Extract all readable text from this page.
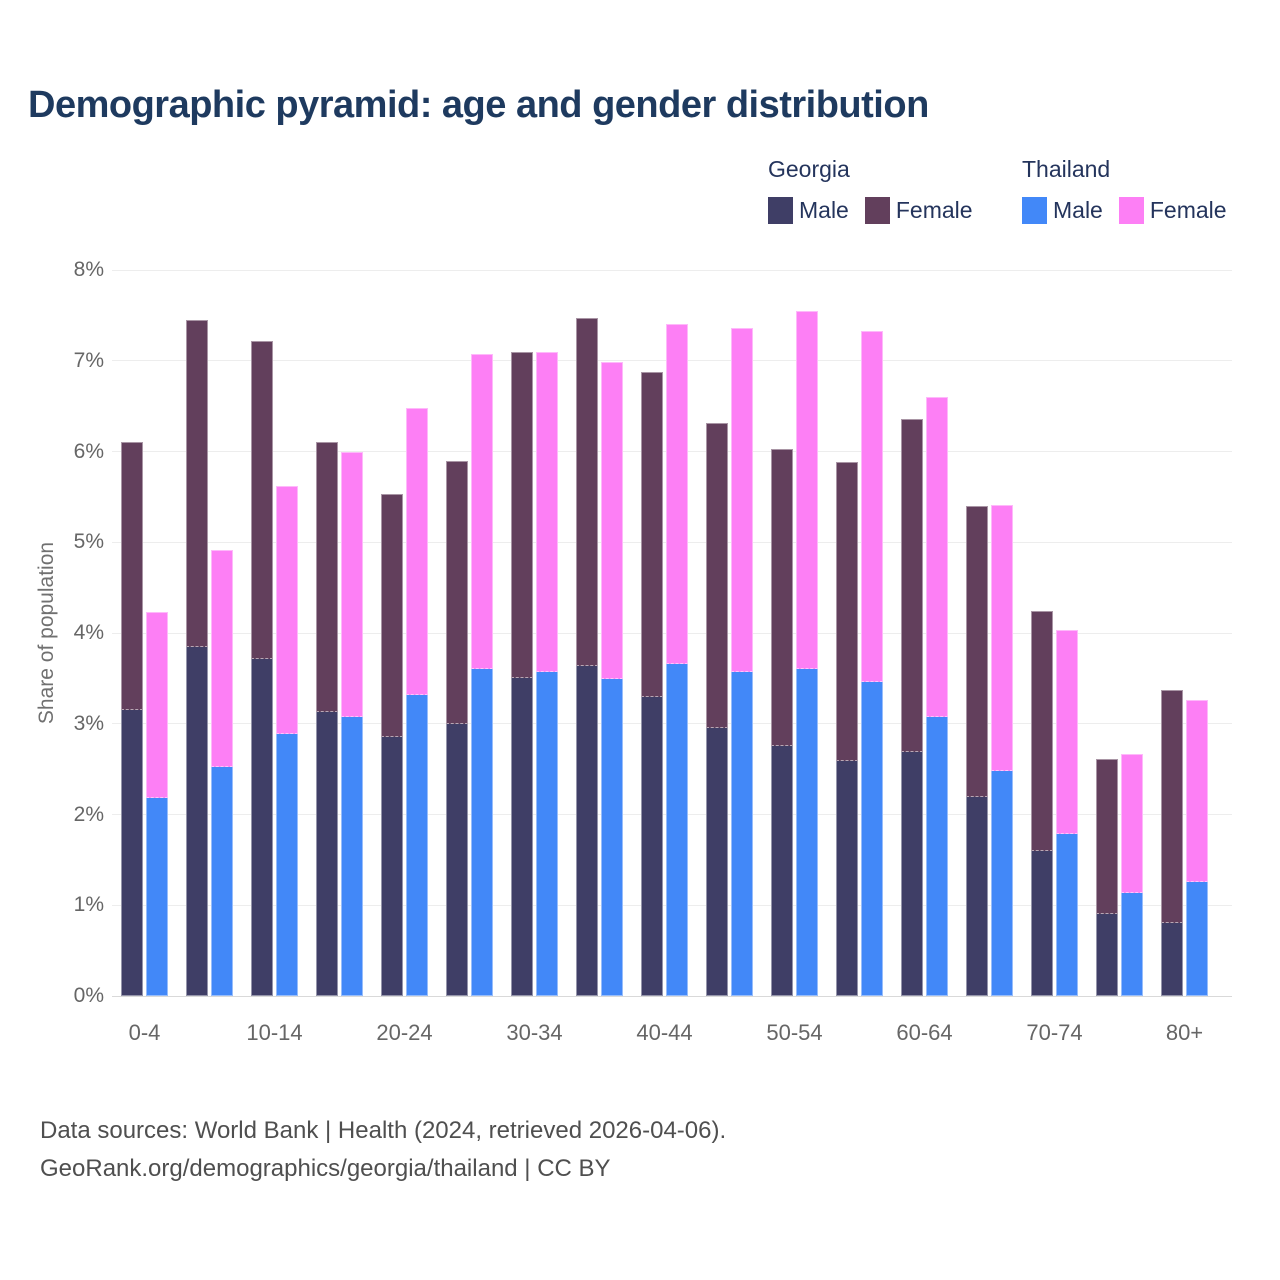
Demographic pyramid: age and gender distribution
Georgia
Male Female
Thailand
Male Female
Share of population
0%
1%
2%
3%
4%
5%
6%
7%
8%
Data sources: World Bank | Health (2024, retrieved 2026-04-06).
GeoRank.org/demographics/georgia/thailand | CC BY
0-4	10-14	20-24	30-34	40-44	50-54	60-64	70-74	80+
